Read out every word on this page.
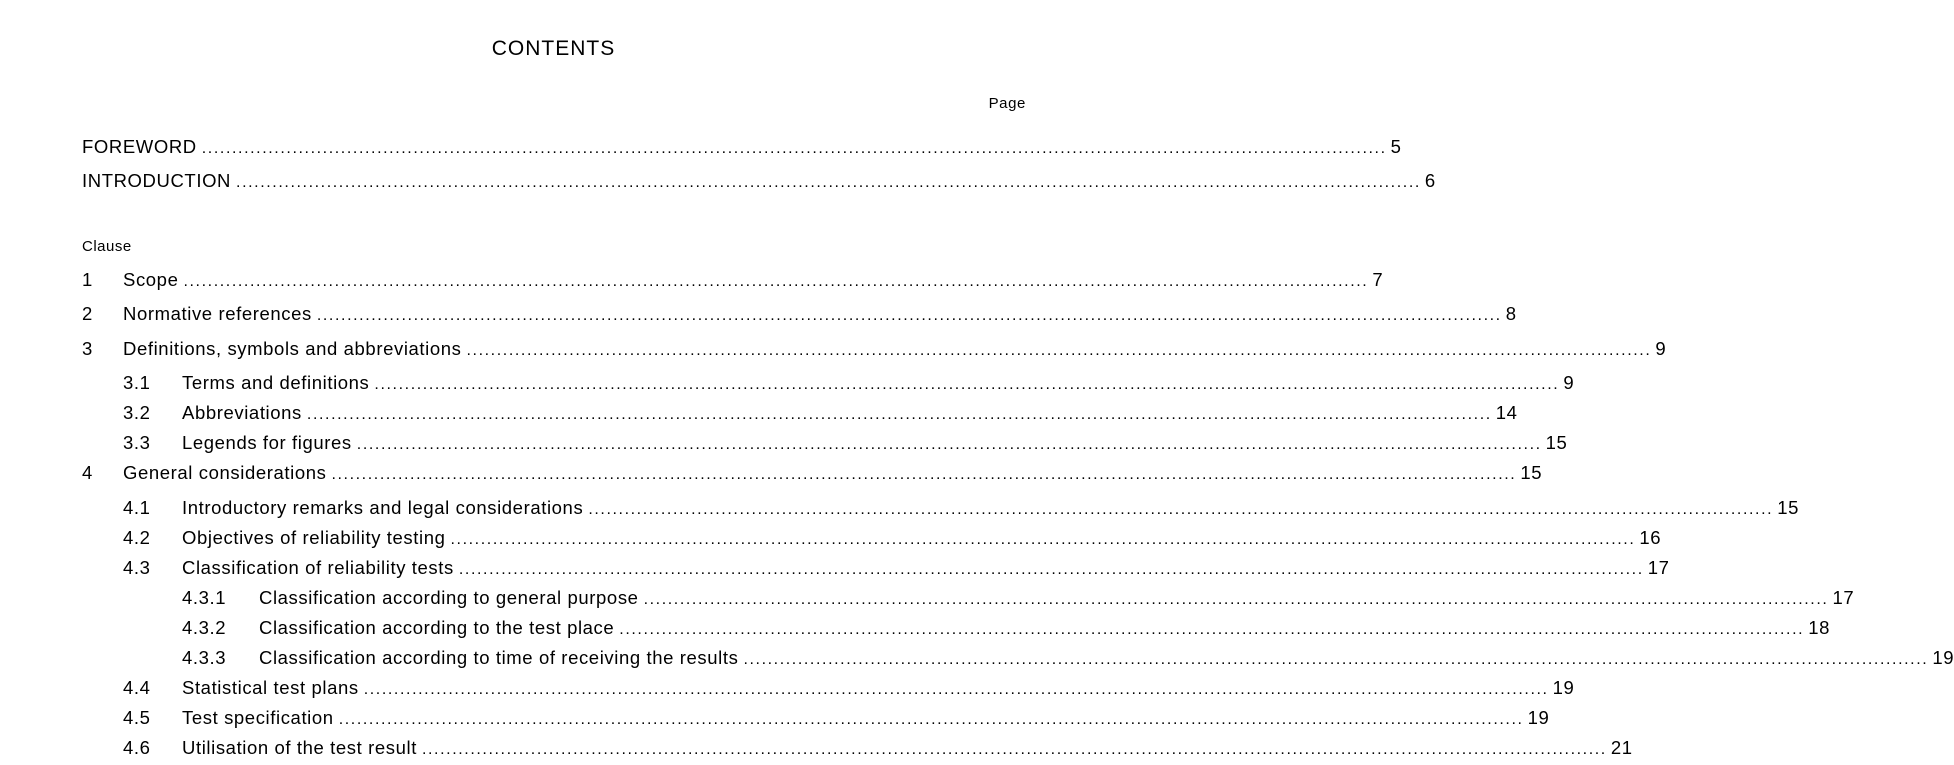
CONTENTS
Page
FOREWORD .................................................................................................................................................................................................... 5
INTRODUCTION .................................................................................................................................................................................................... 6
Clause
1	Scope .................................................................................................................................................................................................... 7
2	Normative references .................................................................................................................................................................................................... 8
3	Definitions, symbols and abbreviations .................................................................................................................................................................................................... 9
3.1	Terms and definitions .................................................................................................................................................................................................... 9
3.2	Abbreviations .................................................................................................................................................................................................... 14
3.3	Legends for figures .................................................................................................................................................................................................... 15
4	General considerations .................................................................................................................................................................................................... 15
4.1	Introductory remarks and legal considerations .................................................................................................................................................................................................... 15
4.2	Objectives of reliability testing .................................................................................................................................................................................................... 16
4.3	Classification of reliability tests .................................................................................................................................................................................................... 17
4.3.1	Classification according to general purpose .................................................................................................................................................................................................... 17
4.3.2	Classification according to the test place .................................................................................................................................................................................................... 18
4.3.3	Classification according to time of receiving the results .................................................................................................................................................................................................... 19
4.4	Statistical test plans .................................................................................................................................................................................................... 19
4.5	Test specification .................................................................................................................................................................................................... 19
4.6	Utilisation of the test result .................................................................................................................................................................................................... 21
